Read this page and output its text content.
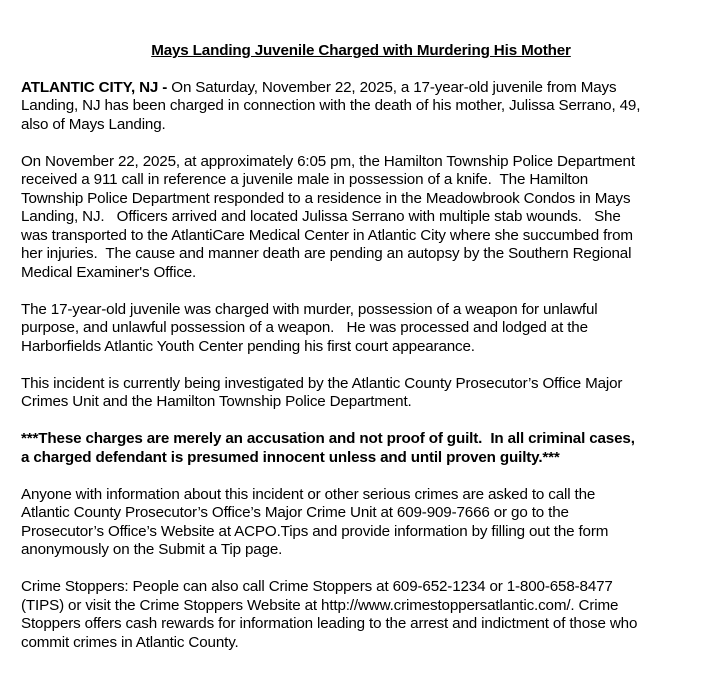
Mays Landing Juvenile Charged with Murdering His Mother
ATLANTIC CITY, NJ - On Saturday, November 22, 2025, a 17-year-old juvenile from Mays
Landing, NJ has been charged in connection with the death of his mother, Julissa Serrano, 49,
also of Mays Landing.
On November 22, 2025, at approximately 6:05 pm, the Hamilton Township Police Department
received a 911 call in reference a juvenile male in possession of a knife.  The Hamilton
Township Police Department responded to a residence in the Meadowbrook Condos in Mays
Landing, NJ.   Officers arrived and located Julissa Serrano with multiple stab wounds.   She
was transported to the AtlantiCare Medical Center in Atlantic City where she succumbed from
her injuries.  The cause and manner death are pending an autopsy by the Southern Regional
Medical Examiner's Office.
The 17-year-old juvenile was charged with murder, possession of a weapon for unlawful
purpose, and unlawful possession of a weapon.   He was processed and lodged at the
Harborfields Atlantic Youth Center pending his first court appearance.
This incident is currently being investigated by the Atlantic County Prosecutor’s Office Major
Crimes Unit and the Hamilton Township Police Department.
***These charges are merely an accusation and not proof of guilt.  In all criminal cases,
a charged defendant is presumed innocent unless and until proven guilty.***
Anyone with information about this incident or other serious crimes are asked to call the
Atlantic County Prosecutor’s Office’s Major Crime Unit at 609-909-7666 or go to the
Prosecutor’s Office’s Website at ACPO.Tips and provide information by filling out the form
anonymously on the Submit a Tip page.
Crime Stoppers: People can also call Crime Stoppers at 609-652-1234 or 1-800-658-8477
(TIPS) or visit the Crime Stoppers Website at http://www.crimestoppersatlantic.com/. Crime
Stoppers offers cash rewards for information leading to the arrest and indictment of those who
commit crimes in Atlantic County.
